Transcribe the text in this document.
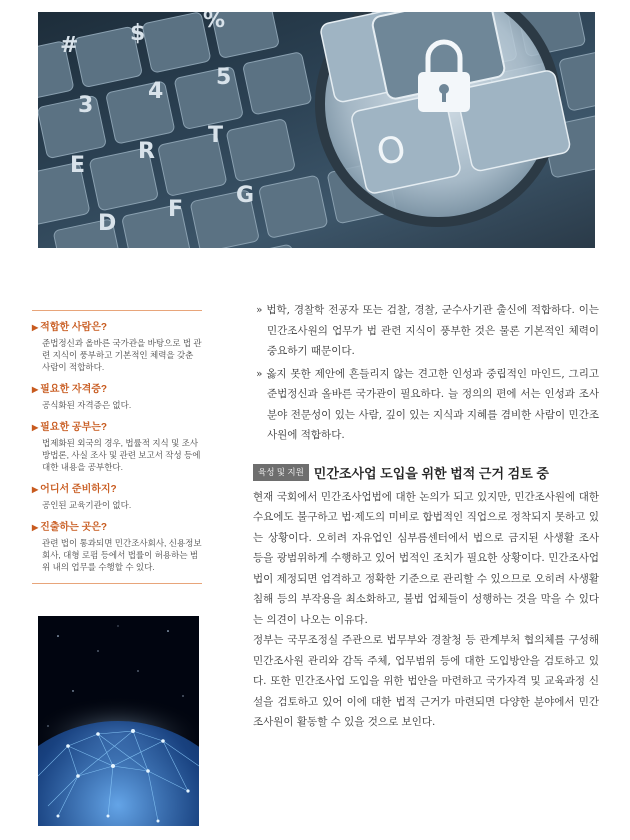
# $
%
3
4
5
E
R
T
D
F
G
O
▶ 적합한 사람은?
준법정신과 올바른 국가관을 바탕으로 법 관련 지식이 풍부하고 기본적인 체력을 갖춘 사람이 적합하다.
▶ 필요한 자격증?
공식화된 자격증은 없다.
▶ 필요한 공부는?
법제화된 외국의 경우, 법률적 지식 및 조사방법론, 사실 조사 및 관련 보고서 작성 등에 대한 내용을 공부한다.
▶ 어디서 준비하지?
공인된 교육기관이 없다.
▶ 진출하는 곳은?
관련 법이 통과되면 민간조사회사, 신용정보회사, 대형 로펌 등에서 법률이 허용하는 범위 내의 업무를 수행할 수 있다.

» 법학, 경찰학 전공자 또는 검찰, 경찰, 군수사기관 출신에 적합하다. 이는 민간조사원의 업무가 법 관련 지식이 풍부한 것은 물론 기본적인 체력이 중요하기 때문이다.

» 옳지 못한 제안에 흔들리지 않는 견고한 인성과 중립적인 마인드, 그리고 준법정신과 올바른 국가관이 필요하다. 늘 정의의 편에 서는 인성과 조사 분야 전문성이 있는 사람, 깊이 있는 지식과 지혜를 겸비한 사람이 민간조사원에 적합하다.

육성 및 지원 민간조사업 도입을 위한 법적 근거 검토 중

현재 국회에서 민간조사업법에 대한 논의가 되고 있지만, 민간조사원에 대한 수요에도 불구하고 법·제도의 미비로 합법적인 직업으로 정착되지 못하고 있는 상황이다. 오히려 자유업인 심부름센터에서 법으로 금지된 사생활 조사 등을 광범위하게 수행하고 있어 법적인 조치가 필요한 상황이다. 민간조사업법이 제정되면 엄격하고 정확한 기준으로 관리할 수 있으므로 오히려 사생활 침해 등의 부작용을 최소화하고, 불법 업체들이 성행하는 것을 막을 수 있다는 의견이 나오는 이유다.

정부는 국무조정실 주관으로 법무부와 경찰청 등 관계부처 협의체를 구성해 민간조사원 관리와 감독 주체, 업무범위 등에 대한 도입방안을 검토하고 있다. 또한 민간조사업 도입을 위한 법안을 마련하고 국가자격 및 교육과정 신설을 검토하고 있어 이에 대한 법적 근거가 마련되면 다양한 분야에서 민간조사원이 활동할 수 있을 것으로 보인다.
